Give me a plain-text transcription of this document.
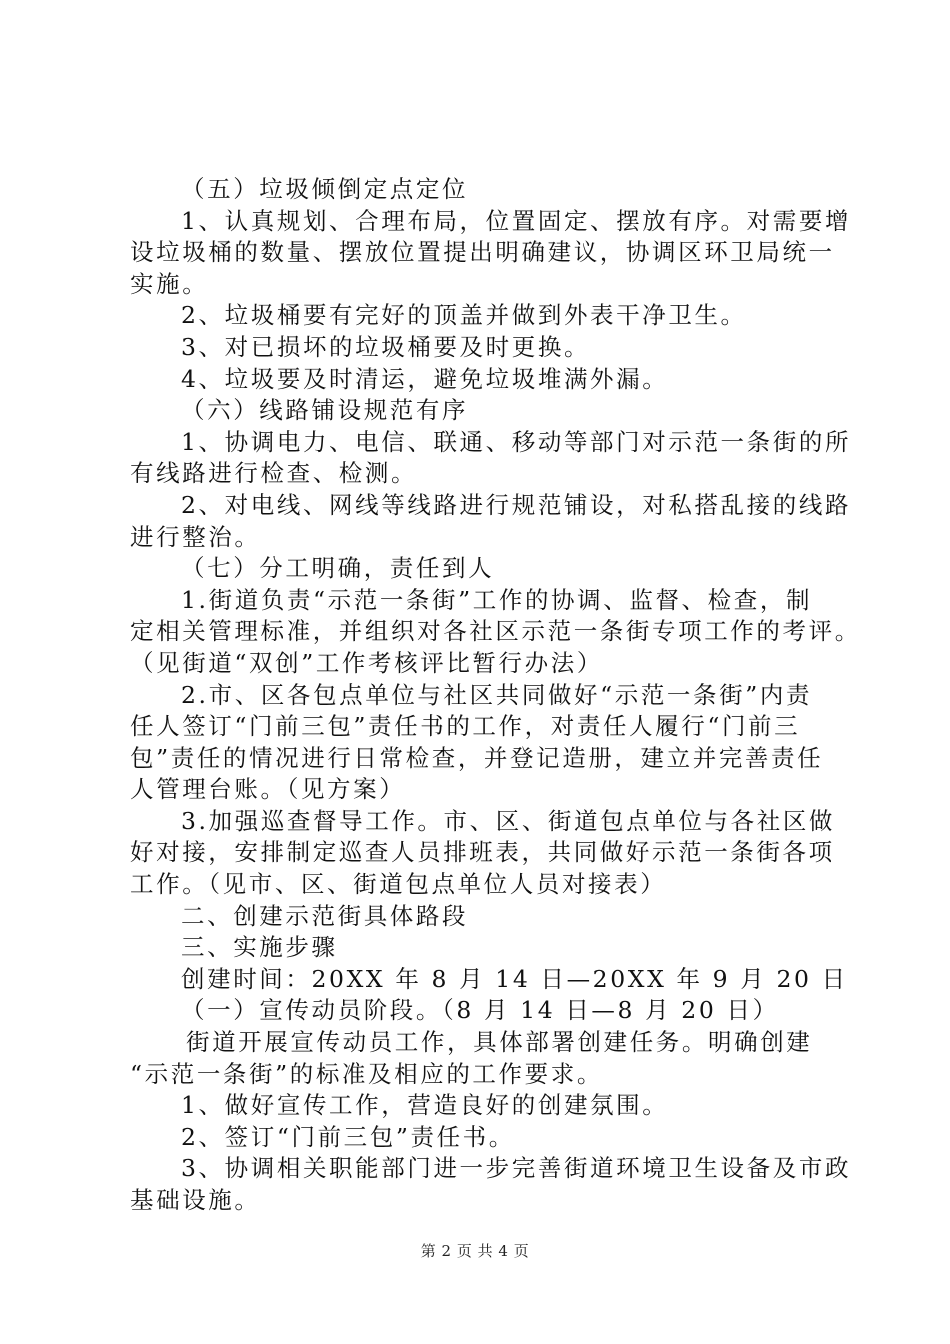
（五）垃圾倾倒定点定位
1、认真规划、合理布局，位置固定、摆放有序。对需要增
设垃圾桶的数量、摆放位置提出明确建议，协调区环卫局统一
实施。
2、垃圾桶要有完好的顶盖并做到外表干净卫生。
3、对已损坏的垃圾桶要及时更换。
4、垃圾要及时清运，避免垃圾堆满外漏。
（六）线路铺设规范有序
1、协调电力、电信、联通、移动等部门对示范一条街的所
有线路进行检查、检测。
2、对电线、网线等线路进行规范铺设，对私搭乱接的线路
进行整治。
（七）分工明确，责任到人
1.街道负责“示范一条街”工作的协调、监督、检查，制
定相关管理标准，并组织对各社区示范一条街专项工作的考评。
（见街道“双创”工作考核评比暂行办法）
2.市、区各包点单位与社区共同做好“示范一条街”内责
任人签订“门前三包”责任书的工作，对责任人履行“门前三
包”责任的情况进行日常检查，并登记造册，建立并完善责任
人管理台账。（见方案）
3.加强巡查督导工作。市、区、街道包点单位与各社区做
好对接，安排制定巡查人员排班表，共同做好示范一条街各项
工作。（见市、区、街道包点单位人员对接表）
二、创建示范街具体路段
三、实施步骤
创建时间：20XX 年 8 月 14 日—20XX 年 9 月 20 日
（一）宣传动员阶段。（8 月 14 日—8 月 20 日）
街道开展宣传动员工作，具体部署创建任务。明确创建
“示范一条街”的标准及相应的工作要求。
1、做好宣传工作，营造良好的创建氛围。
2、签订“门前三包”责任书。
3、协调相关职能部门进一步完善街道环境卫生设备及市政
基础设施。
第 2 页 共 4 页
